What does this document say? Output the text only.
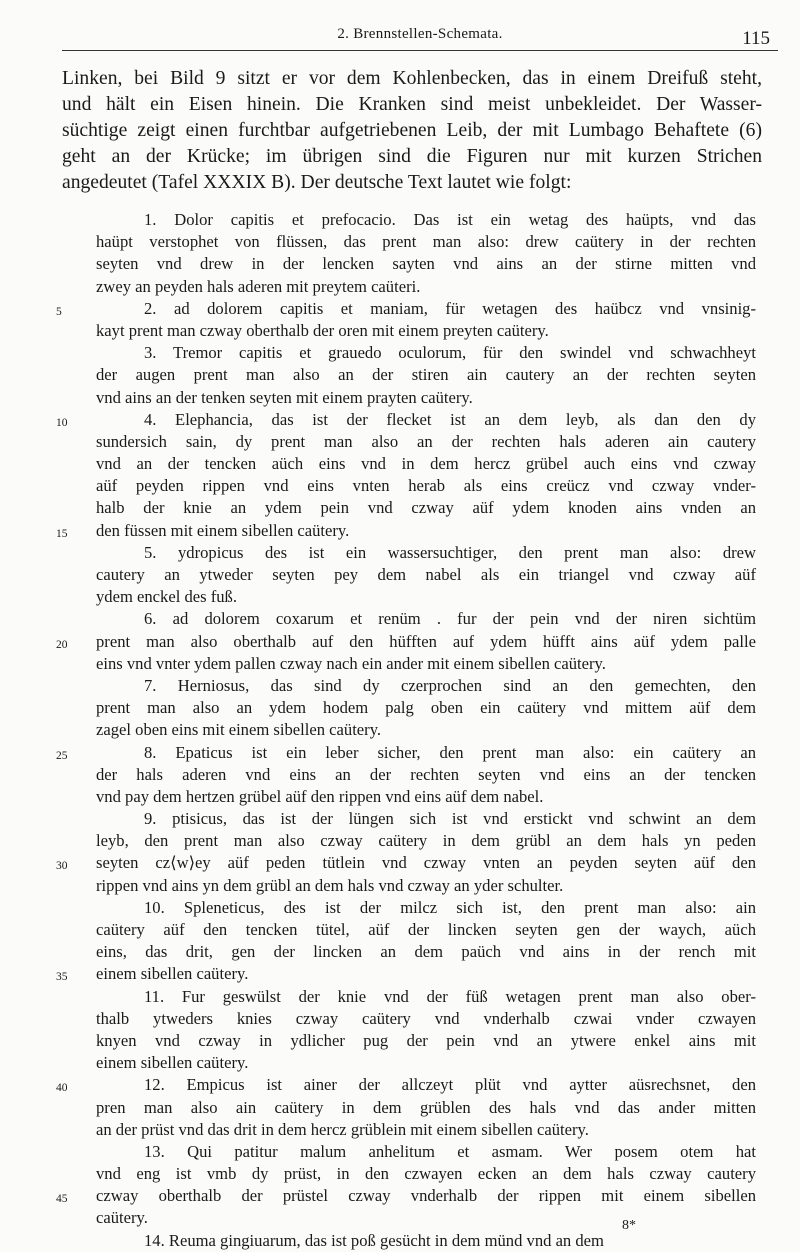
2. Brennstellen-Schemata.	115
Linken, bei Bild 9 sitzt er vor dem Kohlenbecken, das in einem Dreifuß steht,
und hält ein Eisen hinein. Die Kranken sind meist unbekleidet. Der Wasser-
süchtige zeigt einen furchtbar aufgetriebenen Leib, der mit Lumbago Behaftete (6)
geht an der Krücke; im übrigen sind die Figuren nur mit kurzen Strichen
angedeutet (Tafel XXXIX B). Der deutsche Text lautet wie folgt:
5
10
15
20
25
30
35
40
45
1. Dolor capitis et prefocacio. Das ist ein wetag des haüpts, vnd das
haüpt verstophet von flüssen, das prent man also: drew caütery in der rechten
seyten vnd drew in der lencken sayten vnd ains an der stirne mitten vnd
zwey an peyden hals aderen mit preytem caüteri.
2. ad dolorem capitis et maniam, für wetagen des haübcz vnd vnsinig-
kayt prent man czway oberthalb der oren mit einem preyten caütery.
3. Tremor capitis et grauedo oculorum, für den swindel vnd schwachheyt
der augen prent man also an der stiren ain cautery an der rechten seyten
vnd ains an der tenken seyten mit einem prayten caütery.
4. Elephancia, das ist der flecket ist an dem leyb, als dan den dy
sundersich sain, dy prent man also an der rechten hals aderen ain cautery
vnd an der tencken aüch eins vnd in dem hercz grübel auch eins vnd czway
aüf peyden rippen vnd eins vnten herab als eins creücz vnd czway vnder-
halb der knie an ydem pein vnd czway aüf ydem knoden ains vnden an
den füssen mit einem sibellen caütery.
5. ydropicus des ist ein wassersuchtiger, den prent man also: drew
cautery an ytweder seyten pey dem nabel als ein triangel vnd czway aüf
ydem enckel des fuß.
6. ad dolorem coxarum et renüm . fur der pein vnd der niren sichtüm
prent man also oberthalb auf den hüfften auf ydem hüfft ains aüf ydem palle
eins vnd vnter ydem pallen czway nach ein ander mit einem sibellen caütery.
7. Herniosus, das sind dy czerprochen sind an den gemechten, den
prent man also an ydem hodem palg oben ein caütery vnd mittem aüf dem
zagel oben eins mit einem sibellen caütery.
8. Epaticus ist ein leber sicher, den prent man also: ein caütery an
der hals aderen vnd eins an der rechten seyten vnd eins an der tencken
vnd pay dem hertzen grübel aüf den rippen vnd eins aüf dem nabel.
9. ptisicus, das ist der lüngen sich ist vnd erstickt vnd schwint an dem
leyb, den prent man also czway caütery in dem grübl an dem hals yn peden
seyten cz⟨w⟩ey aüf peden tütlein vnd czway vnten an peyden seyten aüf den
rippen vnd ains yn dem grübl an dem hals vnd czway an yder schulter.
10. Spleneticus, des ist der milcz sich ist, den prent man also: ain
caütery aüf den tencken tütel, aüf der lincken seyten gen der waych, aüch
eins, das drit, gen der lincken an dem paüch vnd ains in der rench mit
einem sibellen caütery.
11. Fur geswülst der knie vnd der füß wetagen prent man also ober-
thalb ytweders knies czway caütery vnd vnderhalb czwai vnder czwayen
knyen vnd czway in ydlicher pug der pein vnd an ytwere enkel ains mit
einem sibellen caütery.
12. Empicus ist ainer der allczeyt plüt vnd aytter aüsrechsnet, den
pren man also ain caütery in dem grüblen des hals vnd das ander mitten
an der prüst vnd das drit in dem hercz grüblein mit einem sibellen caütery.
13. Qui patitur malum anhelitum et asmam. Wer posem otem hat
vnd eng ist vmb dy prüst, in den czwayen ecken an dem hals czway cautery
czway oberthalb der prüstel czway vnderhalb der rippen mit einem sibellen
caütery.
14. Reuma gingiuarum, das ist poß gesücht in dem münd vnd an dem
8*
